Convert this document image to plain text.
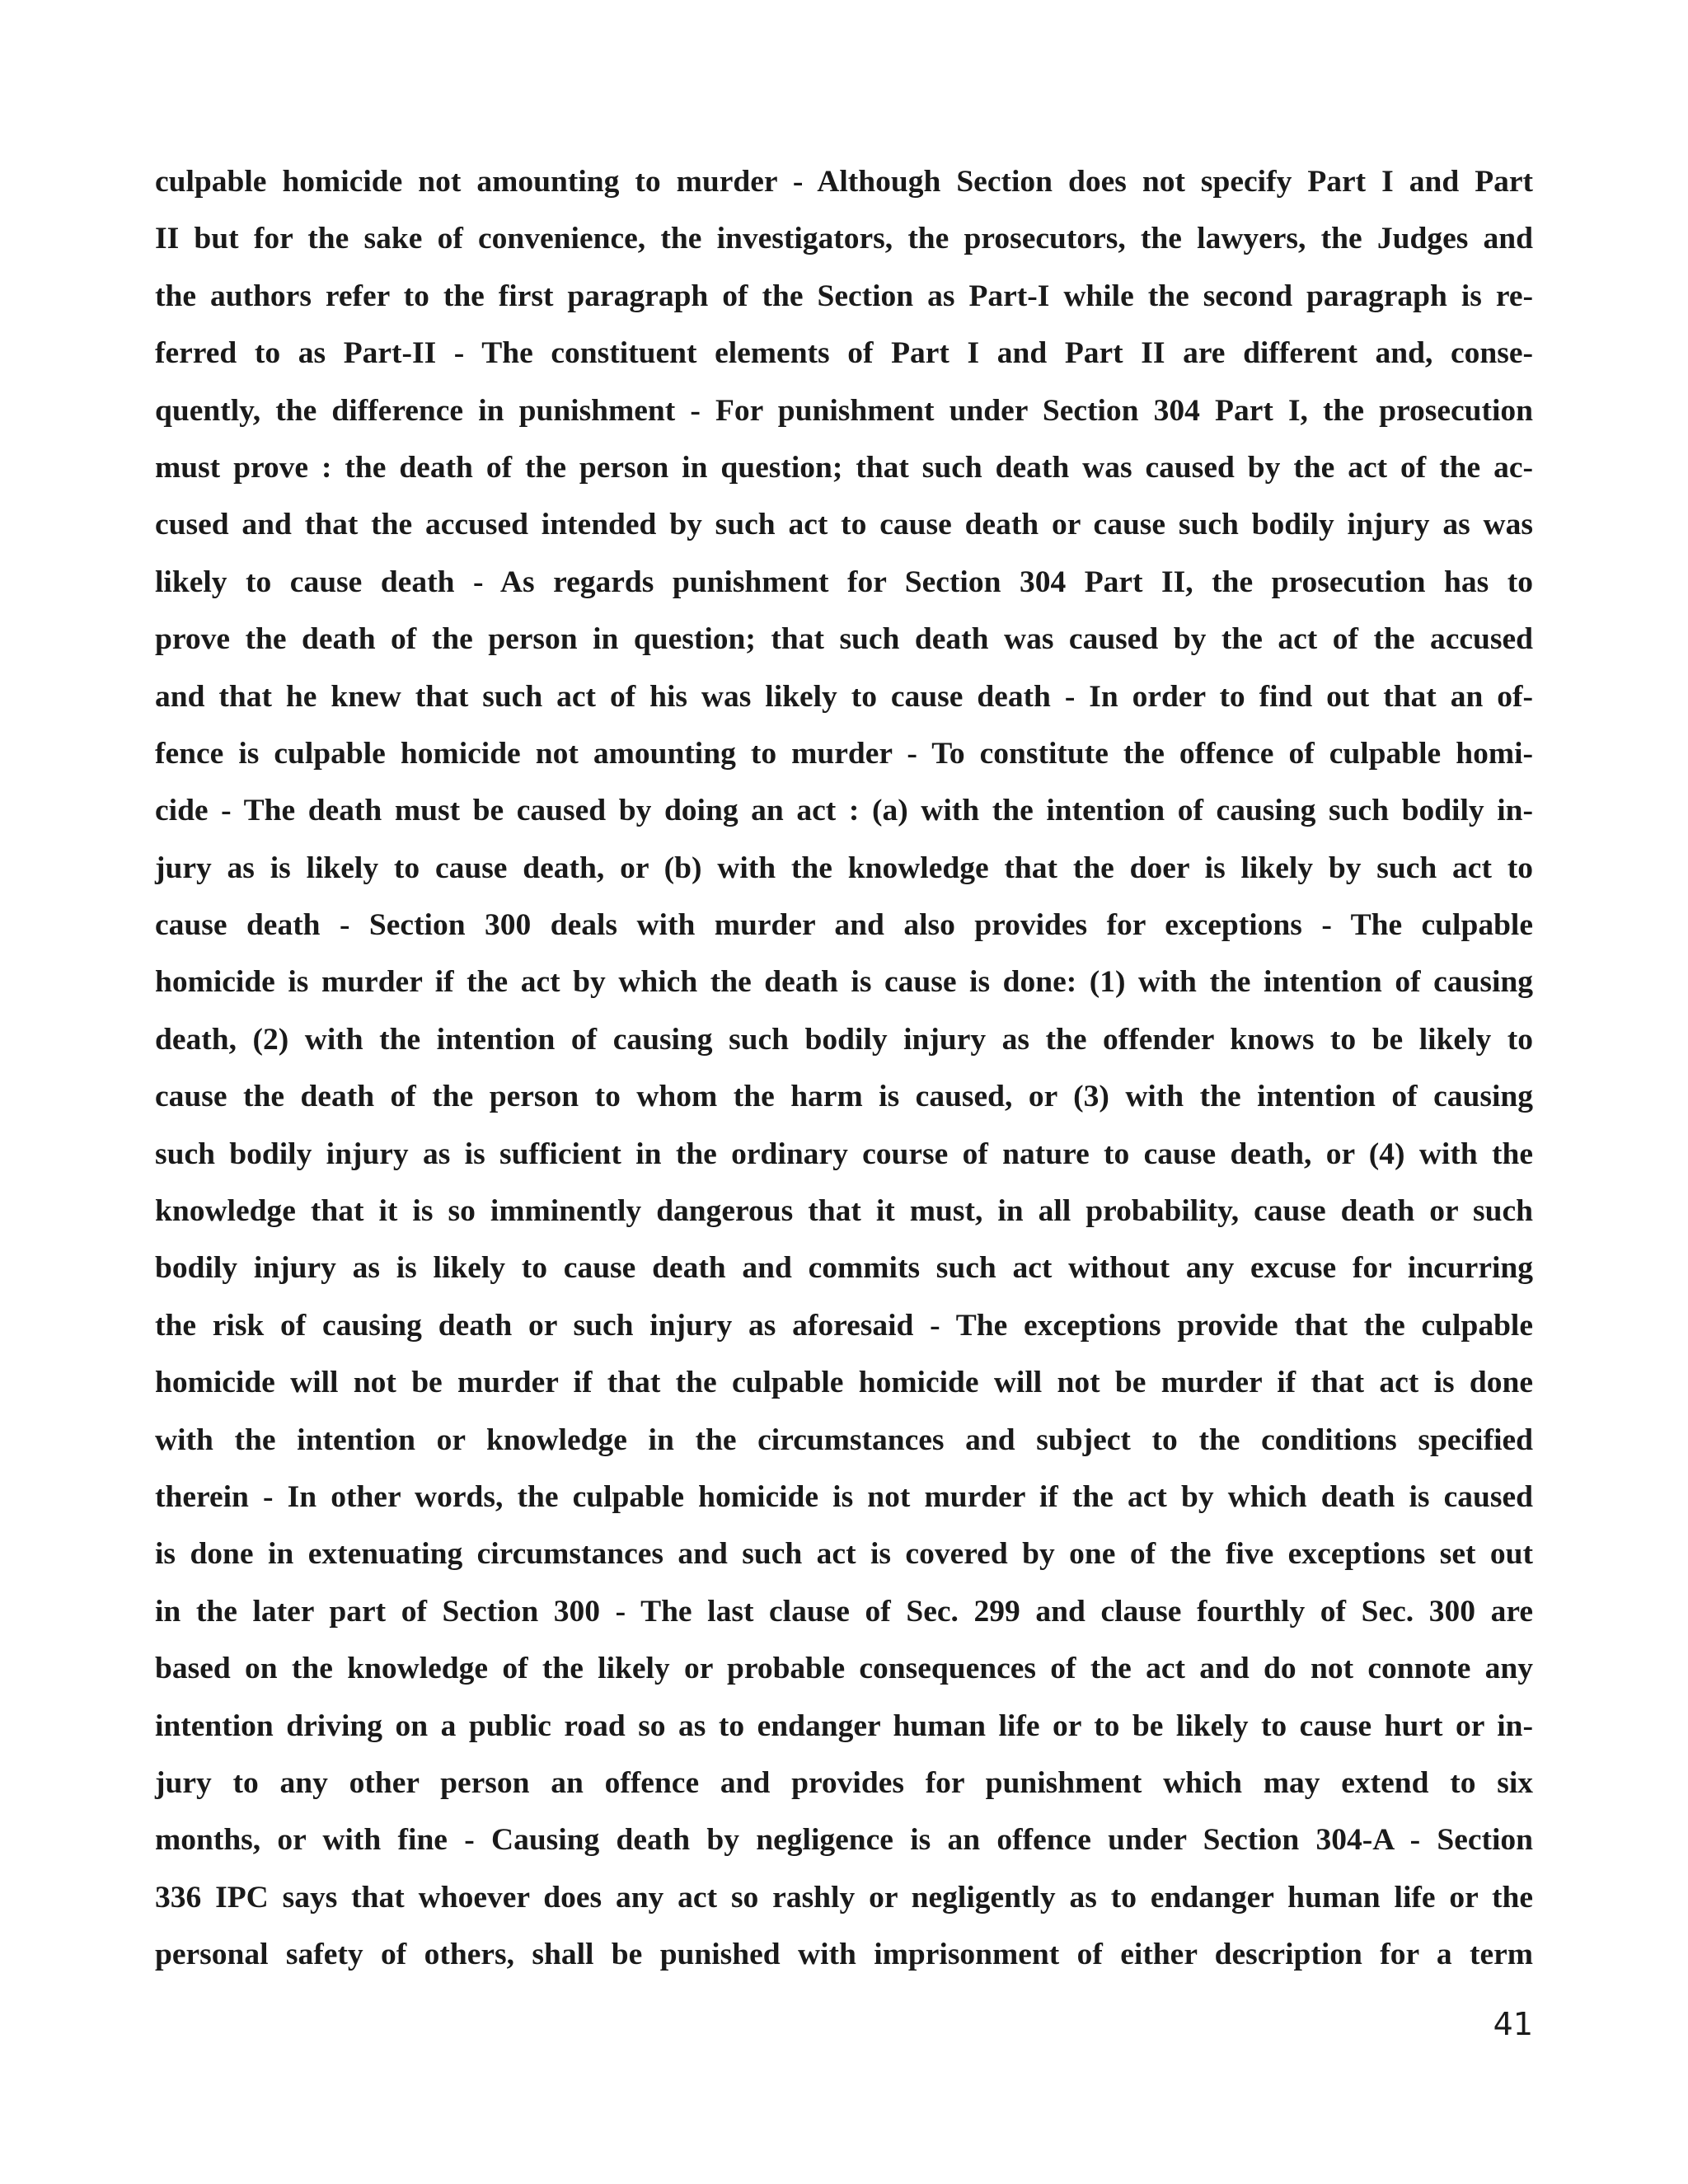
culpable homicide not amounting to murder - Although Section does not specify Part I and Part
II but for the sake of convenience, the investigators, the prosecutors, the lawyers, the Judges and
the authors refer to the first paragraph of the Section as Part-I while the second paragraph is re-
ferred to as Part-II - The constituent elements of Part I and Part II are different and, conse-
quently, the difference in punishment - For punishment under Section 304 Part I, the prosecution
must prove : the death of the person in question; that such death was caused by the act of the ac-
cused and that the accused intended by such act to cause death or cause such bodily injury as was
likely to cause death - As regards punishment for Section 304 Part II, the prosecution has to
prove the death of the person in question; that such death was caused by the act of the accused
and that he knew that such act of his was likely to cause death - In order to find out that an of-
fence is culpable homicide not amounting to murder - To constitute the offence of culpable homi-
cide - The death must be caused by doing an act : (a) with the intention of causing such bodily in-
jury as is likely to cause death, or (b) with the knowledge that the doer is likely by such act to
cause death - Section 300 deals with murder and also provides for exceptions - The culpable
homicide is murder if the act by which the death is cause is done: (1) with the intention of causing
death, (2) with the intention of causing such bodily injury as the offender knows to be likely to
cause the death of the person to whom the harm is caused, or (3) with the intention of causing
such bodily injury as is sufficient in the ordinary course of nature to cause death, or (4) with the
knowledge that it is so imminently dangerous that it must, in all probability, cause death or such
bodily injury as is likely to cause death and commits such act without any excuse for incurring
the risk of causing death or such injury as aforesaid - The exceptions provide that the culpable
homicide will not be murder if that the culpable homicide will not be murder if that act is done
with the intention or knowledge in the circumstances and subject to the conditions specified
therein - In other words, the culpable homicide is not murder if the act by which death is caused
is done in extenuating circumstances and such act is covered by one of the five exceptions set out
in the later part of Section 300 - The last clause of Sec. 299 and clause fourthly of Sec. 300 are
based on the knowledge of the likely or probable consequences of the act and do not connote any
intention driving on a public road so as to endanger human life or to be likely to cause hurt or in-
jury to any other person an offence and provides for punishment which may extend to six
months, or with fine - Causing death by negligence is an offence under Section 304-A - Section
336 IPC says that whoever does any act so rashly or negligently as to endanger human life or the
personal safety of others, shall be punished with imprisonment of either description for a term
41
